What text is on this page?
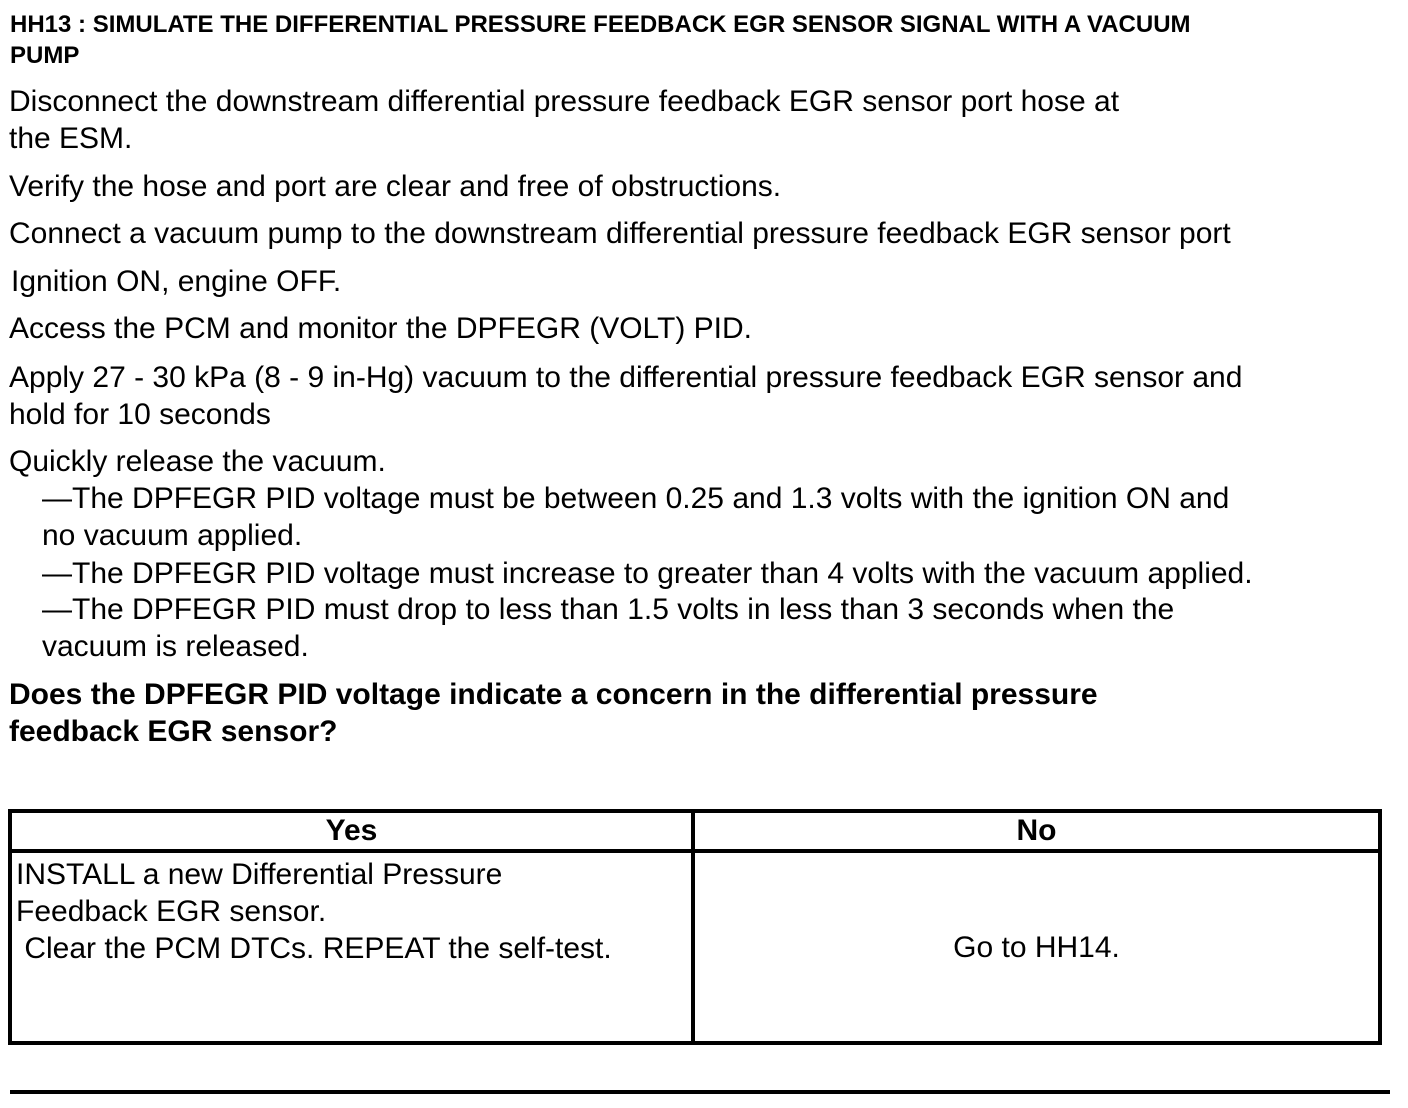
HH13 : SIMULATE THE DIFFERENTIAL PRESSURE FEEDBACK EGR SENSOR SIGNAL WITH A VACUUM
PUMP
Disconnect the downstream differential pressure feedback EGR sensor port hose at
the ESM.
Verify the hose and port are clear and free of obstructions.
Connect a vacuum pump to the downstream differential pressure feedback EGR sensor port
Ignition ON, engine OFF.
Access the PCM and monitor the DPFEGR (VOLT) PID.
Apply 27 - 30 kPa (8 - 9 in-Hg) vacuum to the differential pressure feedback EGR sensor and
hold for 10 seconds
Quickly release the vacuum.
—The DPFEGR PID voltage must be between 0.25 and 1.3 volts with the ignition ON and
no vacuum applied.
—The DPFEGR PID voltage must increase to greater than 4 volts with the vacuum applied.
—The DPFEGR PID must drop to less than 1.5 volts in less than 3 seconds when the
vacuum is released.
Does the DPFEGR PID voltage indicate a concern in the differential pressure
feedback EGR sensor?
Yes	No

INSTALL a new Differential Pressure
Feedback EGR sensor.
Clear the PCM DTCs. REPEAT the self-test.	Go to HH14.
